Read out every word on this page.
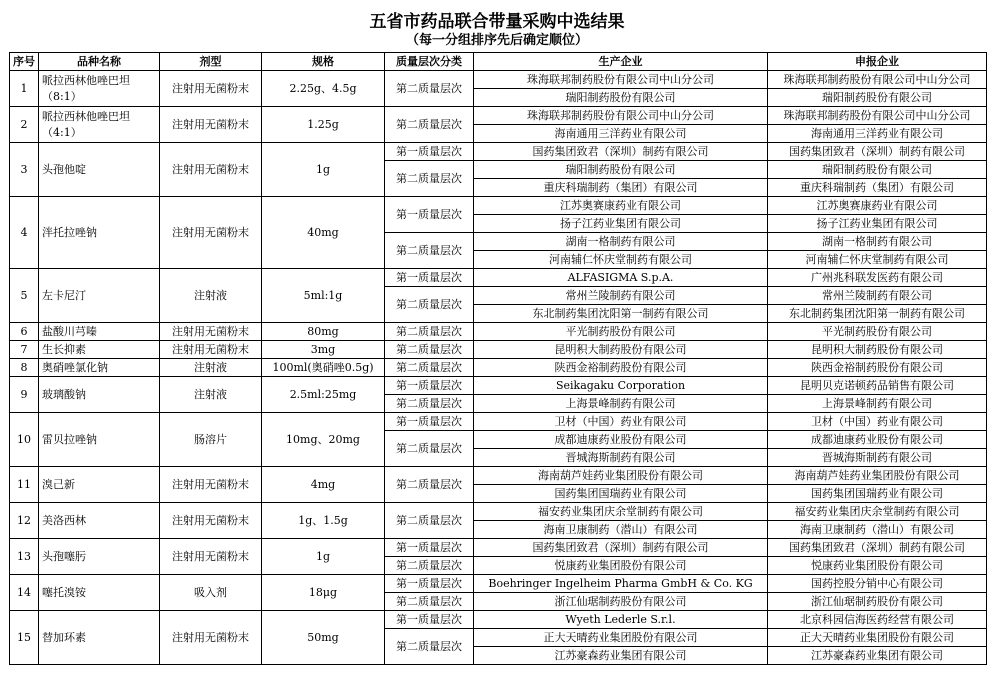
五省市药品联合带量采购中选结果
（每一分组排序先后确定顺位）
序号	品种名称	剂型	规格	质量层次分类	生产企业	申报企业
1	哌拉西林他唑巴坦（8:1）	注射用无菌粉末	2.25g、4.5g	第二质量层次	珠海联邦制药股份有限公司中山分公司	珠海联邦制药股份有限公司中山分公司
					瑞阳制药股份有限公司	瑞阳制药股份有限公司
2	哌拉西林他唑巴坦（4:1）	注射用无菌粉末	1.25g	第二质量层次	珠海联邦制药股份有限公司中山分公司	珠海联邦制药股份有限公司中山分公司
					海南通用三洋药业有限公司	海南通用三洋药业有限公司
3	头孢他啶	注射用无菌粉末	1g	第一质量层次	国药集团致君（深圳）制药有限公司	国药集团致君（深圳）制药有限公司
				第二质量层次	瑞阳制药股份有限公司	瑞阳制药股份有限公司
					重庆科瑞制药（集团）有限公司	重庆科瑞制药（集团）有限公司
4	泮托拉唑钠	注射用无菌粉末	40mg	第一质量层次	江苏奥赛康药业有限公司	江苏奥赛康药业有限公司
					扬子江药业集团有限公司	扬子江药业集团有限公司
				第二质量层次	湖南一格制药有限公司	湖南一格制药有限公司
					河南辅仁怀庆堂制药有限公司	河南辅仁怀庆堂制药有限公司
5	左卡尼汀	注射液	5ml:1g	第一质量层次	ALFASIGMA S.p.A.	广州兆科联发医药有限公司
				第二质量层次	常州兰陵制药有限公司	常州兰陵制药有限公司
					东北制药集团沈阳第一制药有限公司	东北制药集团沈阳第一制药有限公司
6	盐酸川芎嗪	注射用无菌粉末	80mg	第二质量层次	平光制药股份有限公司	平光制药股份有限公司
7	生长抑素	注射用无菌粉末	3mg	第二质量层次	昆明积大制药股份有限公司	昆明积大制药股份有限公司
8	奥硝唑氯化钠	注射液	100ml(奥硝唑0.5g)	第二质量层次	陕西金裕制药股份有限公司	陕西金裕制药股份有限公司
9	玻璃酸钠	注射液	2.5ml:25mg	第一质量层次	Seikagaku Corporation	昆明贝克诺顿药品销售有限公司
				第二质量层次	上海景峰制药有限公司	上海景峰制药有限公司
10	雷贝拉唑钠	肠溶片	10mg、20mg	第一质量层次	卫材（中国）药业有限公司	卫材（中国）药业有限公司
				第二质量层次	成都迪康药业股份有限公司	成都迪康药业股份有限公司
					晋城海斯制药有限公司	晋城海斯制药有限公司
11	溴己新	注射用无菌粉末	4mg	第二质量层次	海南葫芦娃药业集团股份有限公司	海南葫芦娃药业集团股份有限公司
					国药集团国瑞药业有限公司	国药集团国瑞药业有限公司
12	美洛西林	注射用无菌粉末	1g、1.5g	第二质量层次	福安药业集团庆余堂制药有限公司	福安药业集团庆余堂制药有限公司
					海南卫康制药（潜山）有限公司	海南卫康制药（潜山）有限公司
13	头孢噻肟	注射用无菌粉末	1g	第一质量层次	国药集团致君（深圳）制药有限公司	国药集团致君（深圳）制药有限公司
				第二质量层次	悦康药业集团股份有限公司	悦康药业集团股份有限公司
14	噻托溴铵	吸入剂	18μg	第一质量层次	Boehringer Ingelheim Pharma GmbH & Co. KG	国药控股分销中心有限公司
				第二质量层次	浙江仙琚制药股份有限公司	浙江仙琚制药股份有限公司
15	替加环素	注射用无菌粉末	50mg	第一质量层次	Wyeth Lederle S.r.l.	北京科园信海医药经营有限公司
				第二质量层次	正大天晴药业集团股份有限公司	正大天晴药业集团股份有限公司
					江苏豪森药业集团有限公司	江苏豪森药业集团有限公司
